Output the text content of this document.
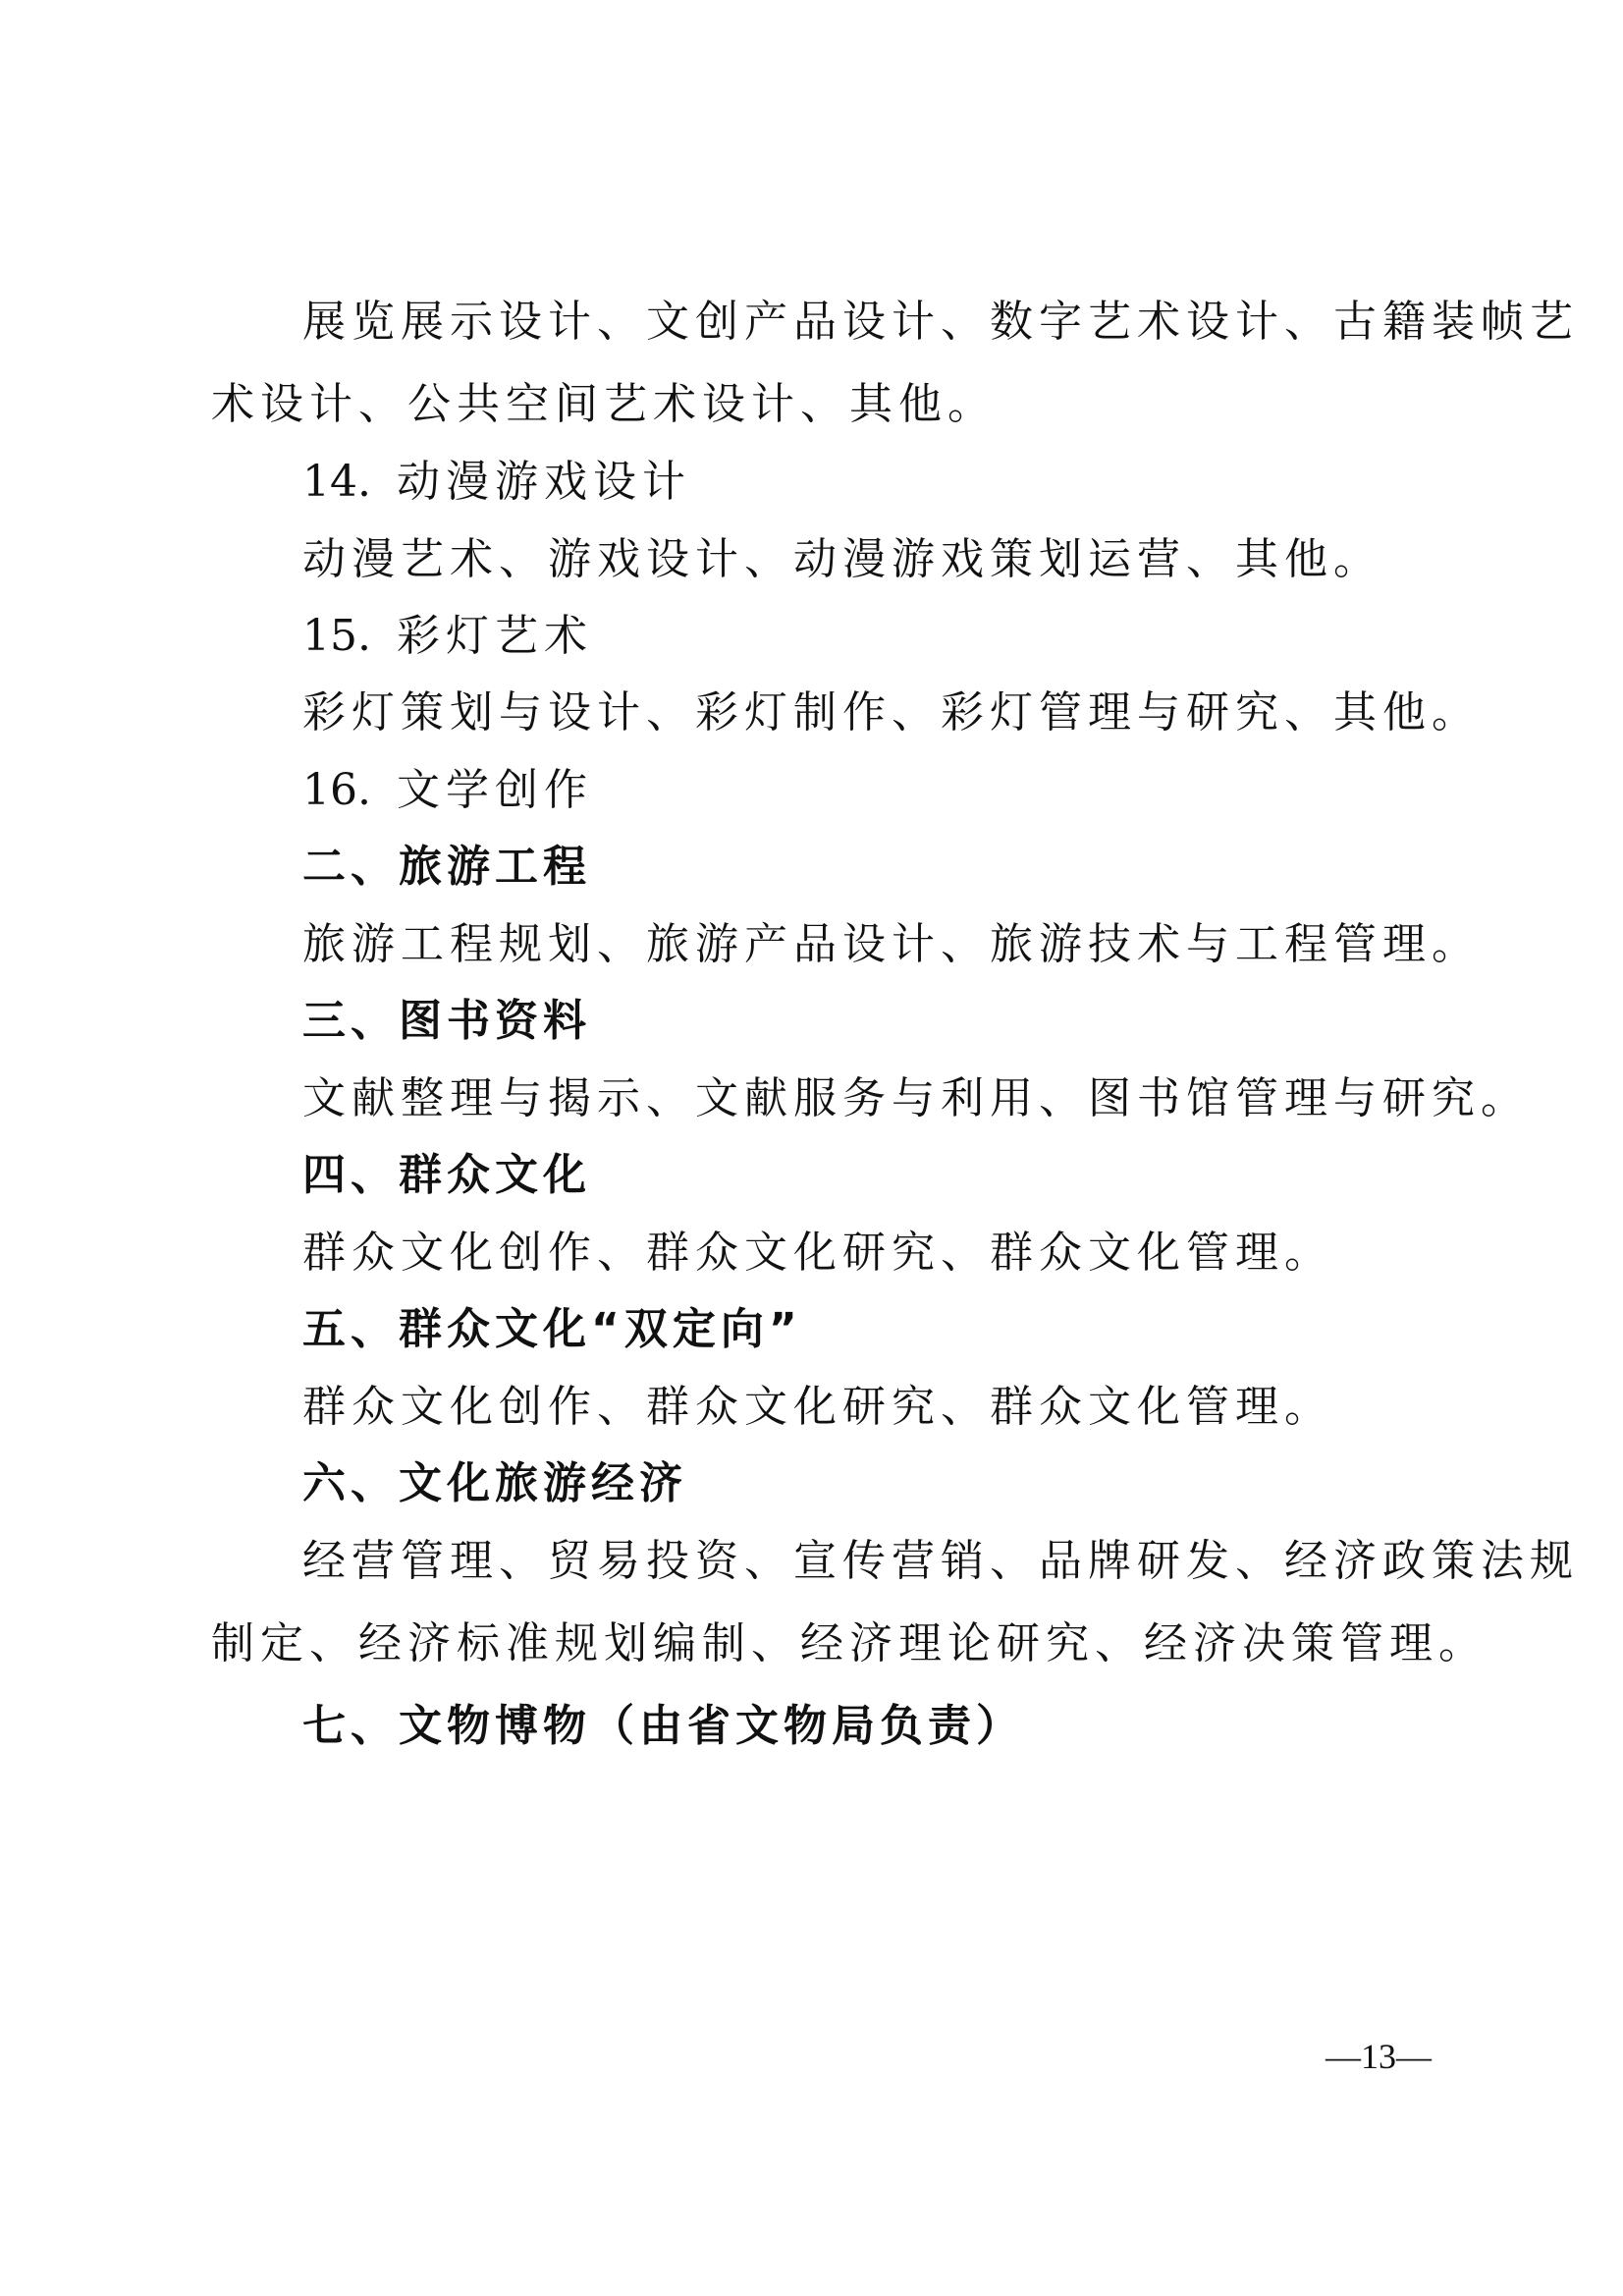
展览展示设计、文创产品设计、数字艺术设计、古籍装帧艺
术设计、公共空间艺术设计、其他。
14. 动漫游戏设计
动漫艺术、游戏设计、动漫游戏策划运营、其他。
15. 彩灯艺术
彩灯策划与设计、彩灯制作、彩灯管理与研究、其他。
16. 文学创作
二、旅游工程
旅游工程规划、旅游产品设计、旅游技术与工程管理。
三、图书资料
文献整理与揭示、文献服务与利用、图书馆管理与研究。
四、群众文化
群众文化创作、群众文化研究、群众文化管理。
五、群众文化“双定向”
群众文化创作、群众文化研究、群众文化管理。
六、文化旅游经济
经营管理、贸易投资、宣传营销、品牌研发、经济政策法规
制定、经济标准规划编制、经济理论研究、经济决策管理。
七、文物博物（由省文物局负责）
—13—
